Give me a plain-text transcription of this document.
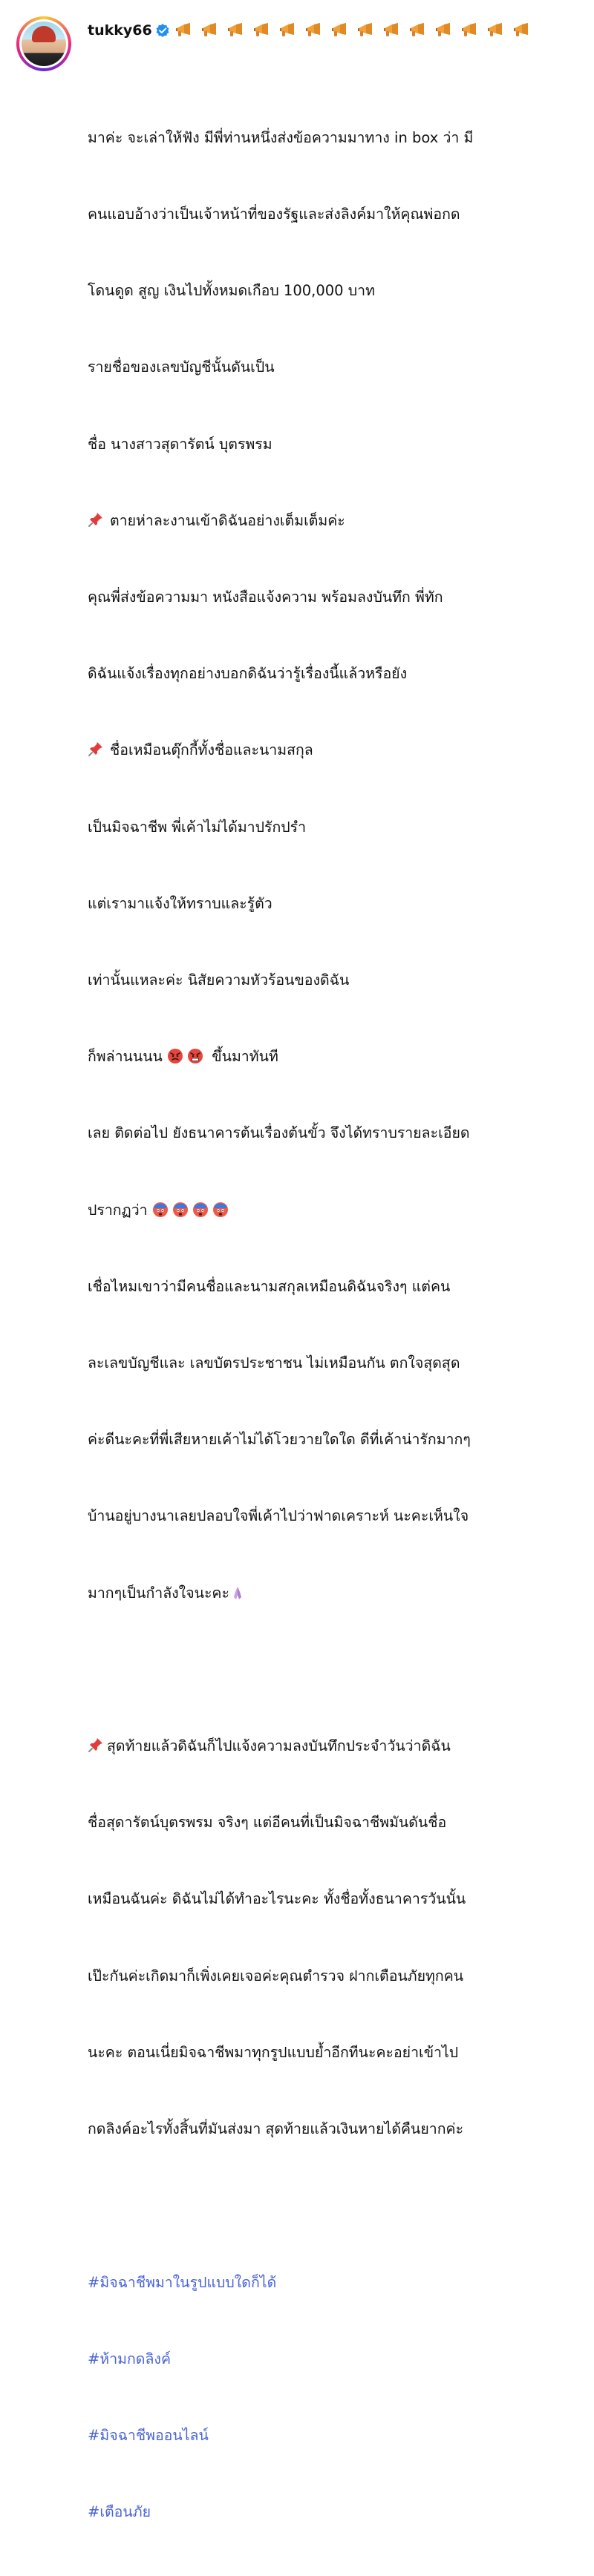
tukky66

มาค่ะ จะเล่าให้ฟัง มีพี่ท่านหนึ่งส่งข้อความมาทาง in box ว่า มี

คนแอบอ้างว่าเป็นเจ้าหน้าที่ของรัฐและส่งลิงค์มาให้คุณพ่อกด

โดนดูด สูญ เงินไปทั้งหมดเกือบ 100,000 บาท

รายชื่อของเลขบัญชีนั้นดันเป็น

ชื่อ นางสาวสุดารัตน์ บุตรพรม

ตายห่าละงานเข้าดิฉันอย่างเต็มเต็มค่ะ

คุณพี่ส่งข้อความมา หนังสือแจ้งความ พร้อมลงบันทึก พี่ทัก

ดิฉันแจ้งเรื่องทุกอย่างบอกดิฉันว่ารู้เรื่องนี้แล้วหรือยัง

ชื่อเหมือนตุ๊กกี้ทั้งชื่อและนามสกุล

เป็นมิจฉาชีพ พี่เค้าไม่ได้มาปรักปรำ

แต่เรามาแจ้งให้ทราบและรู้ตัว

เท่านั้นแหละค่ะ นิสัยความหัวร้อนของดิฉัน

ก็พล่านนนน	ขึ้นมาทันที

เลย ติดต่อไป ยังธนาคารต้นเรื่องต้นขั้ว จึงได้ทราบรายละเอียด

ปรากฏว่า

เชื่อไหมเขาว่ามีคนชื่อและนามสกุลเหมือนดิฉันจริงๆ แต่คน

ละเลขบัญชีและ เลขบัตรประชาชน ไม่เหมือนกัน ตกใจสุดสุด

ค่ะดีนะคะที่พี่เสียหายเค้าไม่ได้โวยวายใดใด ดีที่เค้าน่ารักมากๆ

บ้านอยู่บางนาเลยปลอบใจพี่เค้าไปว่าฟาดเคราะห์ นะคะเห็นใจ

มากๆเป็นกำลังใจนะคะ

สุดท้ายแล้วดิฉันก็ไปแจ้งความลงบันทึกประจำวันว่าดิฉัน

ชื่อสุดารัตน์บุตรพรม จริงๆ แต่อีคนที่เป็นมิจฉาชีพมันดันชื่อ

เหมือนฉันค่ะ ดิฉันไม่ได้ทำอะไรนะคะ ทั้งชื่อทั้งธนาคารวันนั้น

เป๊ะกันค่ะเกิดมาก็เพิ่งเคยเจอค่ะคุณตำรวจ ฝากเตือนภัยทุกคน

นะคะ ตอนเนี่ยมิจฉาชีพมาทุกรูปแบบย้ำอีกทีนะคะอย่าเข้าไป

กดลิงค์อะไรทั้งสิ้นที่มันส่งมา สุดท้ายแล้วเงินหายได้คืนยากค่ะ

#มิจฉาชีพมาในรูปแบบใดก็ได้

#ห้ามกดลิงค์

#มิจฉาชีพออนไลน์

#เตือนภัย
